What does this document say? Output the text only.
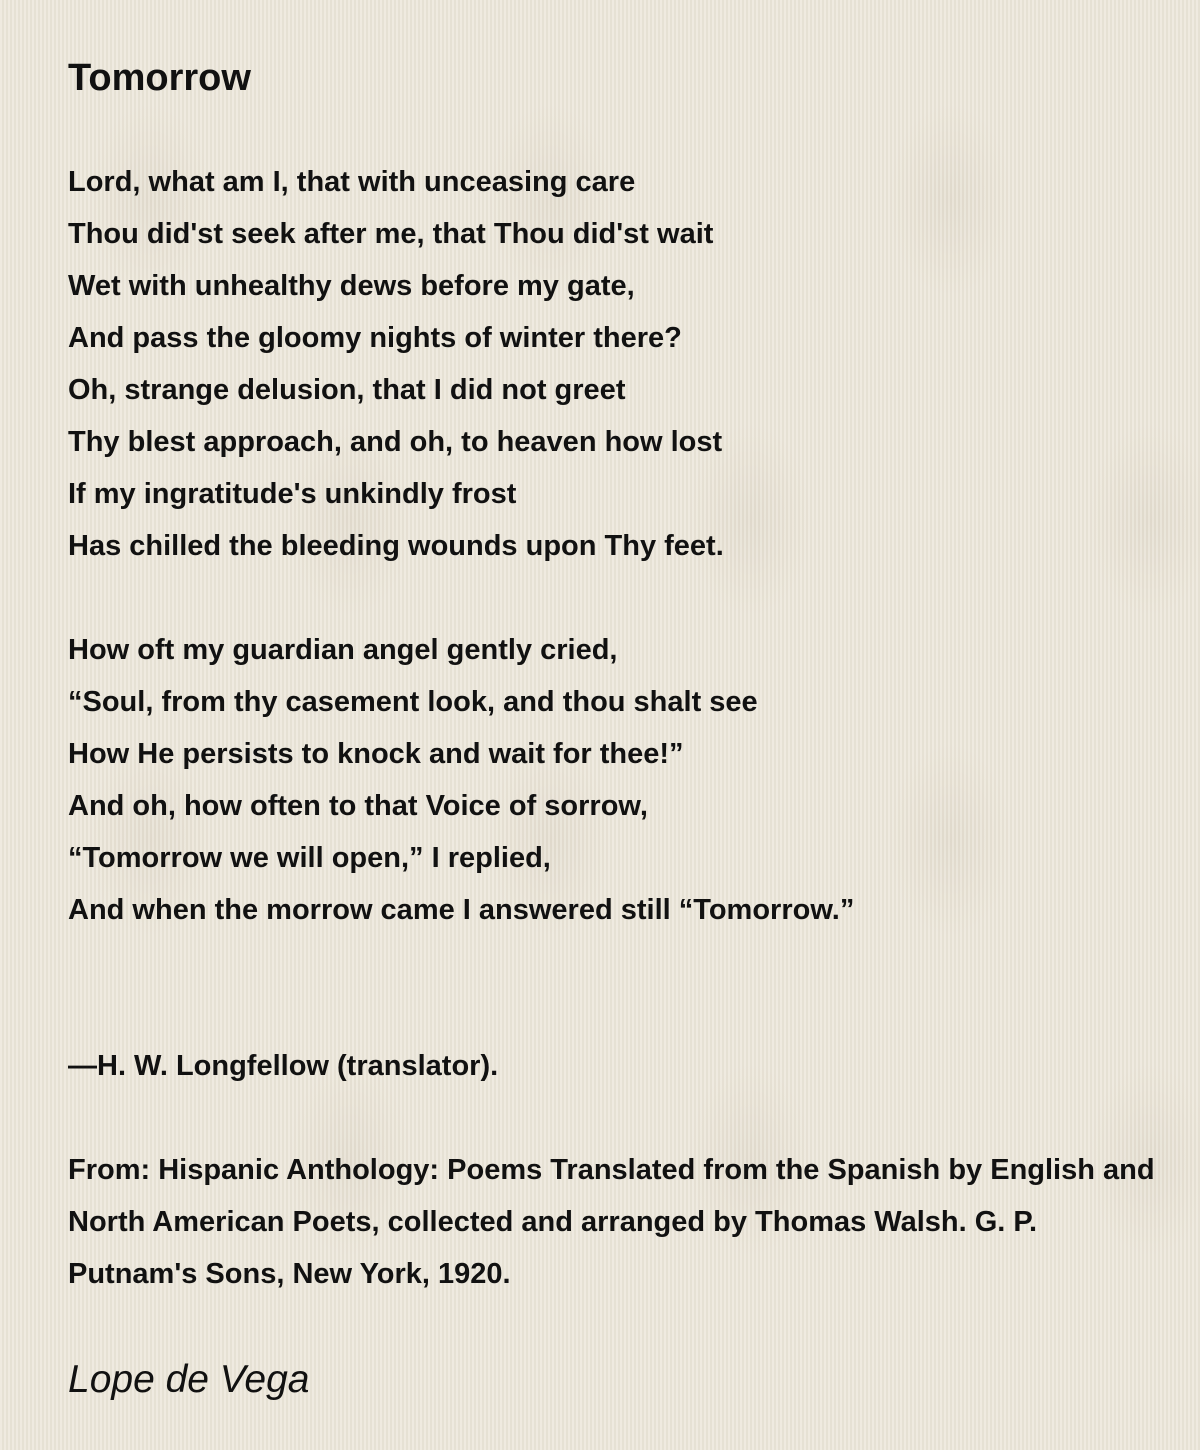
Tomorrow
Lord, what am I, that with unceasing care
Thou did'st seek after me, that Thou did'st wait
Wet with unhealthy dews before my gate,
And pass the gloomy nights of winter there?
Oh, strange delusion, that I did not greet
Thy blest approach, and oh, to heaven how lost
If my ingratitude's unkindly frost
Has chilled the bleeding wounds upon Thy feet.
How oft my guardian angel gently cried,
“Soul, from thy casement look, and thou shalt see
How He persists to knock and wait for thee!”
And oh, how often to that Voice of sorrow,
“Tomorrow we will open,” I replied,
And when the morrow came I answered still “Tomorrow.”
—H. W. Longfellow (translator).
From: Hispanic Anthology: Poems Translated from the Spanish by English and North American Poets, collected and arranged by Thomas Walsh. G. P. Putnam's Sons, New York, 1920.
Lope de Vega
